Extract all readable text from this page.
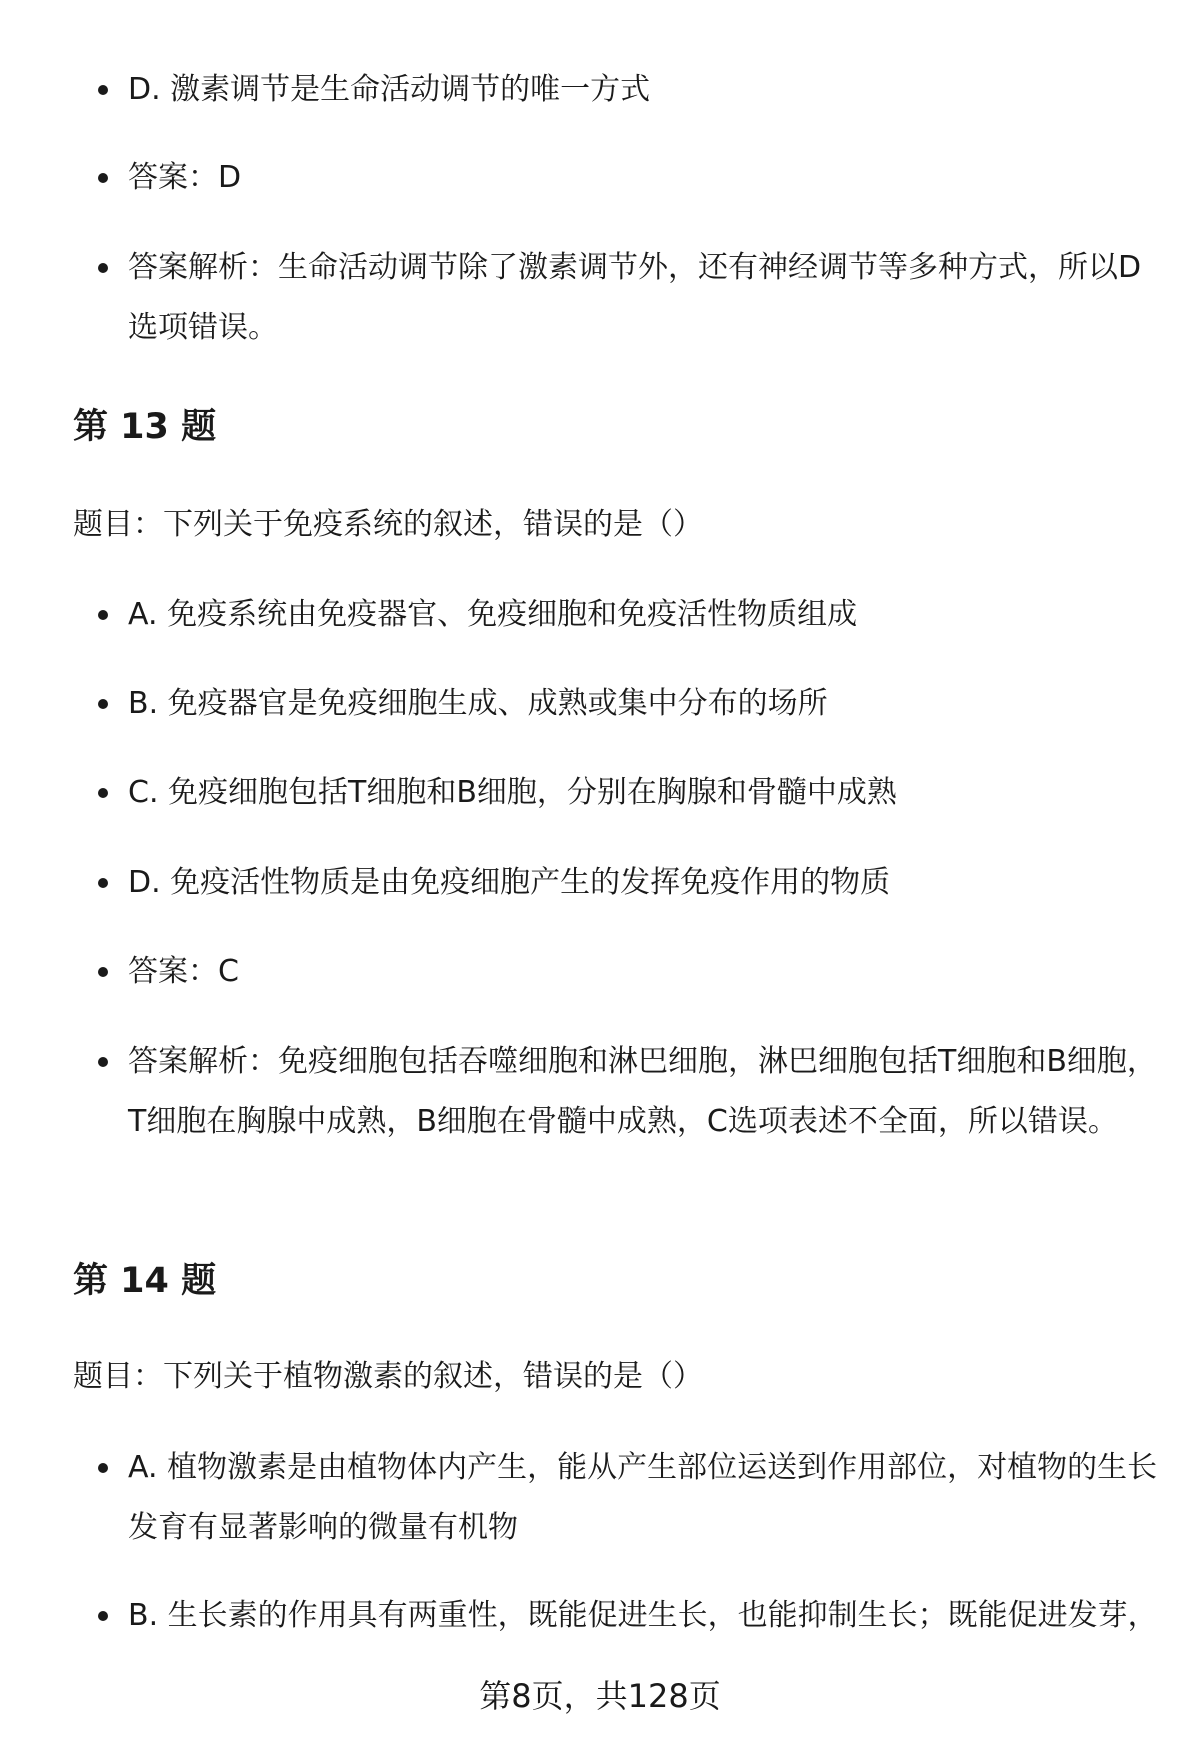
D. 激素调节是生命活动调节的唯一方式
答案：D
答案解析：生命活动调节除了激素调节外，还有神经调节等多种方式，所以D选项错误。
第 13 题
题目：下列关于免疫系统的叙述，错误的是（）
A. 免疫系统由免疫器官、免疫细胞和免疫活性物质组成
B. 免疫器官是免疫细胞生成、成熟或集中分布的场所
C. 免疫细胞包括T细胞和B细胞，分别在胸腺和骨髓中成熟
D. 免疫活性物质是由免疫细胞产生的发挥免疫作用的物质
答案：C
答案解析：免疫细胞包括吞噬细胞和淋巴细胞，淋巴细胞包括T细胞和B细胞，T细胞在胸腺中成熟，B细胞在骨髓中成熟，C选项表述不全面，所以错误。
第 14 题
题目：下列关于植物激素的叙述，错误的是（）
A. 植物激素是由植物体内产生，能从产生部位运送到作用部位，对植物的生长发育有显著影响的微量有机物
B. 生长素的作用具有两重性，既能促进生长，也能抑制生长；既能促进发芽，
第8页，共128页
